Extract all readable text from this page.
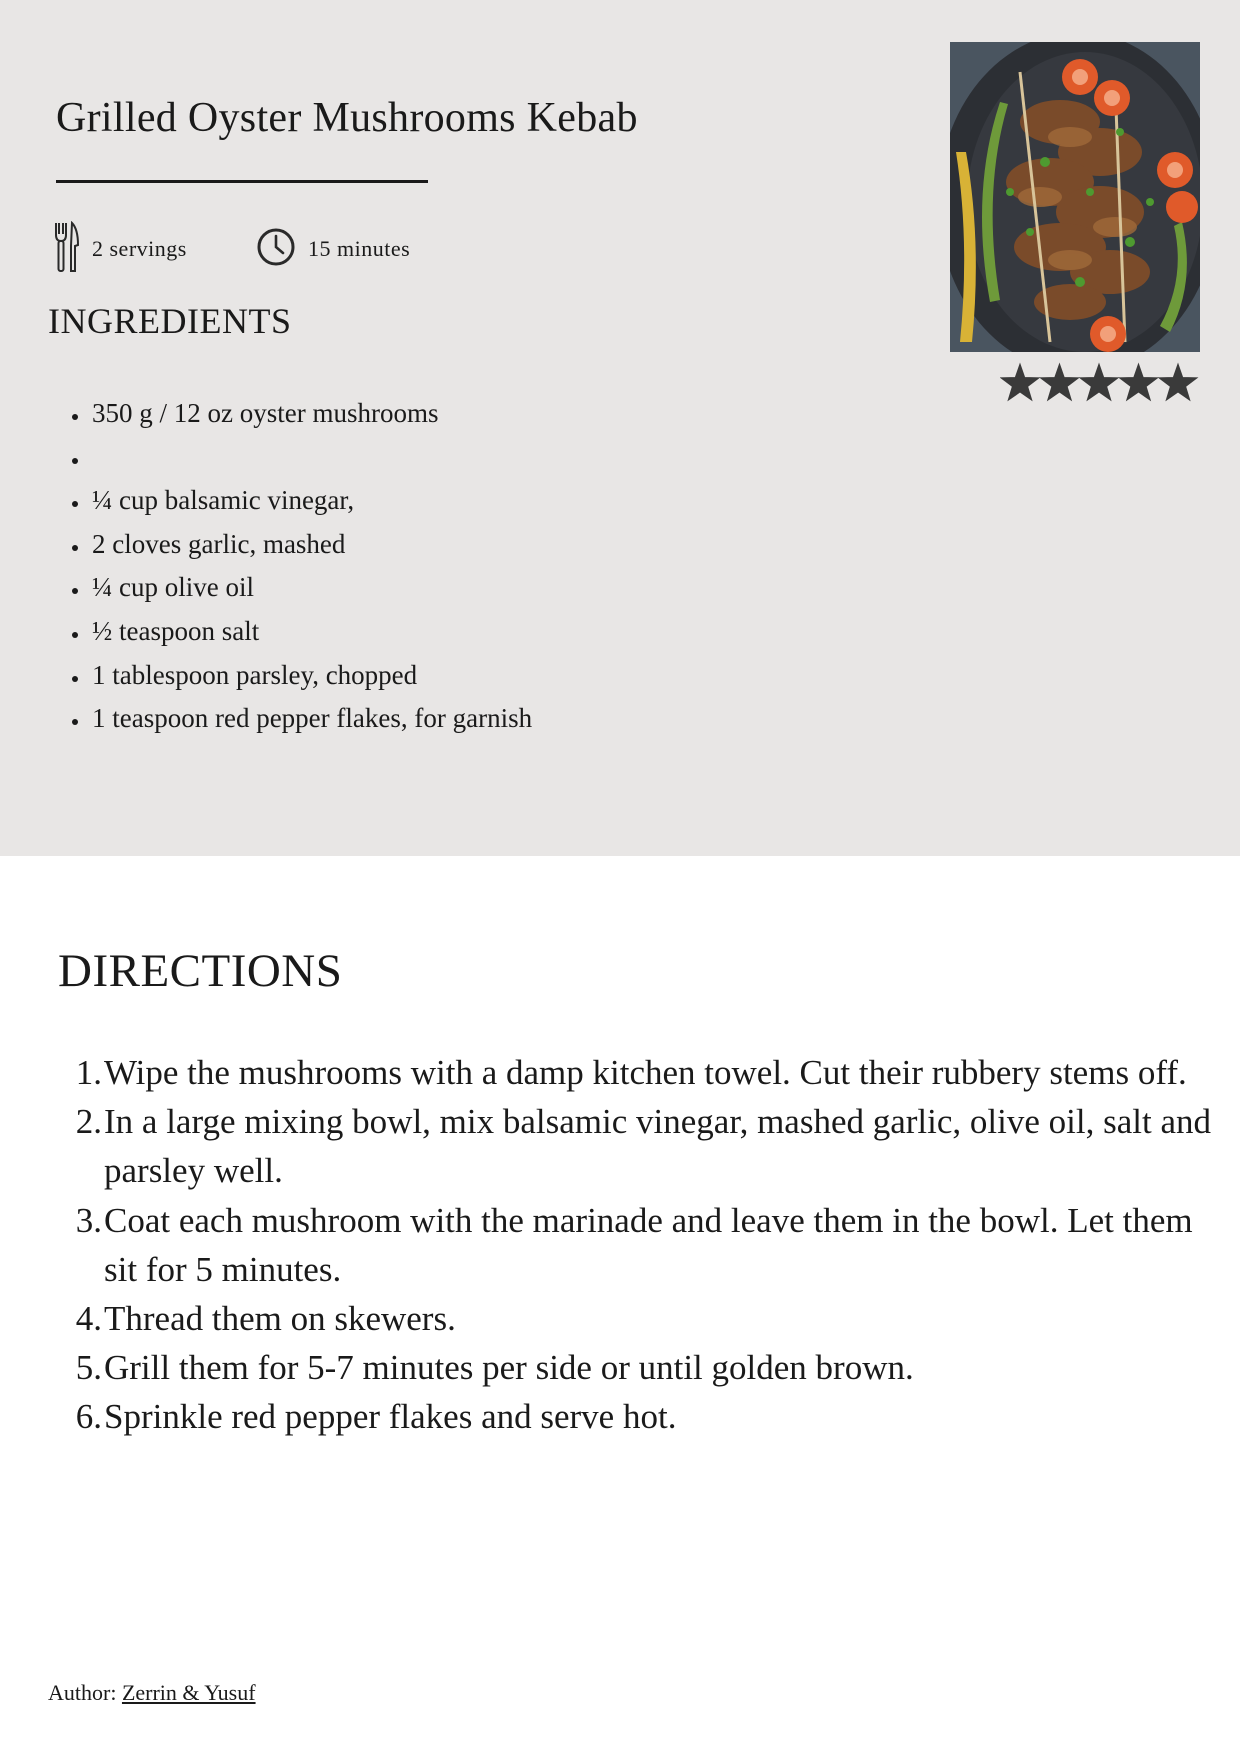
Grilled Oyster Mushrooms Kebab
2 servings	15 minutes
INGREDIENTS
• 350 g / 12 oz oyster mushrooms
•
• ¼ cup balsamic vinegar,
• 2 cloves garlic, mashed
• ¼ cup olive oil
• ½ teaspoon salt
• 1 tablespoon parsley, chopped
• 1 teaspoon red pepper flakes, for garnish
DIRECTIONS
1. Wipe the mushrooms with a damp kitchen towel. Cut their rubbery stems off.
2. In a large mixing bowl, mix balsamic vinegar, mashed garlic, olive oil, salt and parsley well.
3. Coat each mushroom with the marinade and leave them in the bowl. Let them sit for 5 minutes.
4. Thread them on skewers.
5. Grill them for 5-7 minutes per side or until golden brown.
6. Sprinkle red pepper flakes and serve hot.
Author: Zerrin & Yusuf
